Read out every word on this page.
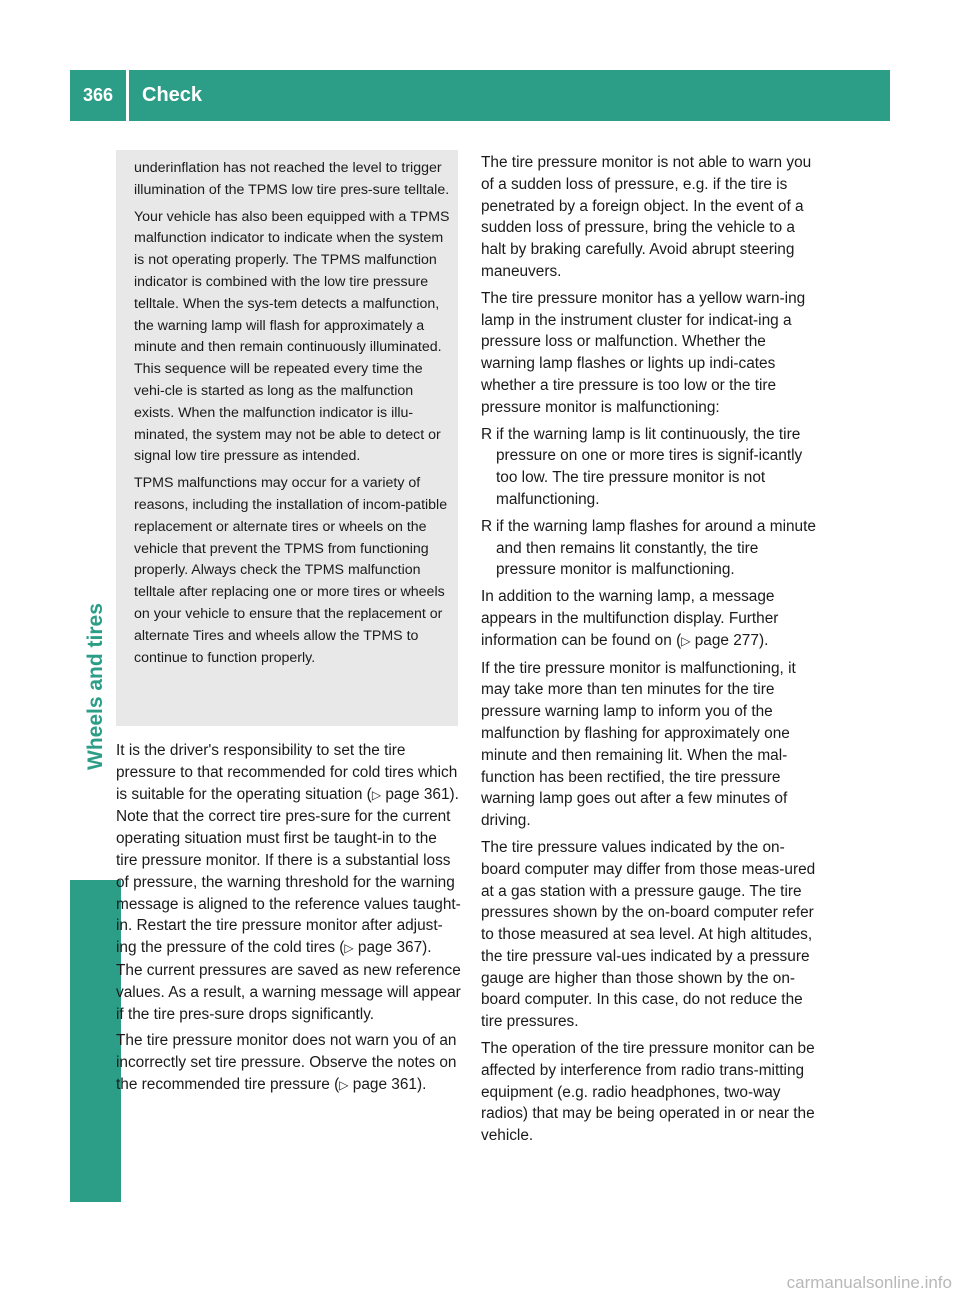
366	Check
Wheels and tires

underinflation has not reached the level to trigger illumination of the TPMS low tire pres-sure telltale.

Your vehicle has also been equipped with a TPMS malfunction indicator to indicate when the system is not operating properly. The TPMS malfunction indicator is combined with the low tire pressure telltale. When the sys-tem detects a malfunction, the warning lamp will flash for approximately a minute and then remain continuously illuminated. This sequence will be repeated every time the vehi-cle is started as long as the malfunction exists. When the malfunction indicator is illu-minated, the system may not be able to detect or signal low tire pressure as intended.

TPMS malfunctions may occur for a variety of reasons, including the installation of incom-patible replacement or alternate tires or wheels on the vehicle that prevent the TPMS from functioning properly. Always check the TPMS malfunction telltale after replacing one or more tires or wheels on your vehicle to ensure that the replacement or alternate Tires and wheels allow the TPMS to continue to function properly.

It is the driver's responsibility to set the tire pressure to that recommended for cold tires which is suitable for the operating situation (▷ page 361). Note that the correct tire pres-sure for the current operating situation must first be taught-in to the tire pressure monitor. If there is a substantial loss of pressure, the warning threshold for the warning message is aligned to the reference values taught-in. Restart the tire pressure monitor after adjust-ing the pressure of the cold tires (▷ page 367). The current pressures are saved as new reference values. As a result, a warning message will appear if the tire pres-sure drops significantly.

The tire pressure monitor does not warn you of an incorrectly set tire pressure. Observe the notes on the recommended tire pressure (▷ page 361).

The tire pressure monitor is not able to warn you of a sudden loss of pressure, e.g. if the tire is penetrated by a foreign object. In the event of a sudden loss of pressure, bring the vehicle to a halt by braking carefully. Avoid abrupt steering maneuvers.

The tire pressure monitor has a yellow warn-ing lamp in the instrument cluster for indicat-ing a pressure loss or malfunction. Whether the warning lamp flashes or lights up indi-cates whether a tire pressure is too low or the tire pressure monitor is malfunctioning:

R if the warning lamp is lit continuously, the tire pressure on one or more tires is signif-icantly too low. The tire pressure monitor is not malfunctioning.
R if the warning lamp flashes for around a minute and then remains lit constantly, the tire pressure monitor is malfunctioning.

In addition to the warning lamp, a message appears in the multifunction display. Further information can be found on (▷ page 277).

If the tire pressure monitor is malfunctioning, it may take more than ten minutes for the tire pressure warning lamp to inform you of the malfunction by flashing for approximately one minute and then remaining lit. When the mal-function has been rectified, the tire pressure warning lamp goes out after a few minutes of driving.

The tire pressure values indicated by the on-board computer may differ from those meas-ured at a gas station with a pressure gauge. The tire pressures shown by the on-board computer refer to those measured at sea level. At high altitudes, the tire pressure val-ues indicated by a pressure gauge are higher than those shown by the on-board computer. In this case, do not reduce the tire pressures.

The operation of the tire pressure monitor can be affected by interference from radio trans-mitting equipment (e.g. radio headphones, two-way radios) that may be being operated in or near the vehicle.

carmanualsonline.info
